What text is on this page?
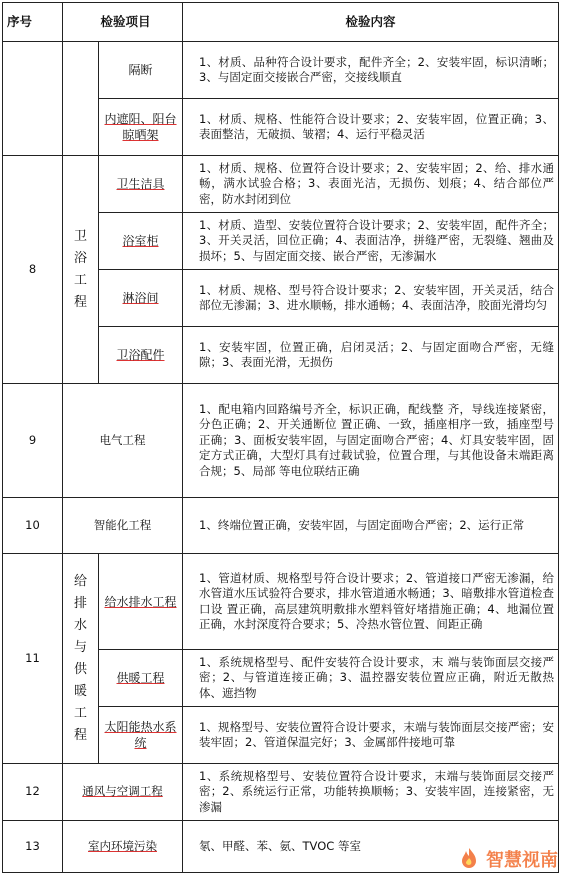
序号	检验项目		检验内容
		隔断	1、材质、品种符合设计要求，配件齐全；2、安装牢固，标识清晰；3、与固定面交接嵌合严密，交接线顺直
		内遮阳、阳台晾晒架	1、材质、规格、性能符合设计要求；2、安装牢固，位置正确；3、表面整洁，无破损、皱褶；4、运行平稳灵活
8	卫浴工程	卫生洁具	1、材质、规格、位置符合设计要求；2、安装牢固；2、给、排水通畅，满水试验合格；3、表面光洁，无损伤、划痕；4、结合部位严密，防水封闭到位
		浴室柜	1、材质、造型、安装位置符合设计要求；2、安装牢固，配件齐全；3、开关灵活，回位正确；4、表面洁净，拼缝严密，无裂缝、翘曲及损坏；5、与固定面交接、嵌合严密，无渗漏水
		淋浴间	1、材质、规格、型号符合设计要求；2、安装牢固，开关灵活，结合部位无渗漏；3、进水顺畅，排水通畅；4、表面洁净，胶面光滑均匀
		卫浴配件	1、安装牢固，位置正确，启闭灵活；2、与固定面吻合严密，无缝隙；3、表面光滑，无损伤
9	电气工程		1、配电箱内回路编号齐全，标识正确，配线整 齐，导线连接紧密，分色正确；2、开关通断位 置正确、一致，插座相序一致，插座型号正确；3、面板安装牢固，与固定面吻合严密；4、灯具安装牢固，固定方式正确，大型灯具有过载试验，位置合理，与其他设备末端距离合规；5、局部 等电位联结正确
10	智能化工程		1、终端位置正确，安装牢固，与固定面吻合严密；2、运行正常
11	给排水与供暖工程	给水排水工程	1、管道材质、规格型号符合设计要求；2、管道接口严密无渗漏，给水管道水压试验符合要求，排水管道通水畅通；3、暗敷排水管道检查口设 置正确，高层建筑明敷排水塑料管好堵措施正确；4、地漏位置正确，水封深度符合要求；5、冷热水管位置、间距正确
		供暖工程	1、系统规格型号、配件安装符合设计要求，末 端与装饰面层交接严密；2、与管道连接正确；3、温控器安装位置应正确，附近无散热体、遮挡物
		太阳能热水系统	1、规格型号、安装位置符合设计要求，末端与装饰面层交接严密；安装牢固；2、管道保温完好；3、金属部件接地可靠
12	通风与空调工程		1、系统规格型号、安装位置符合设计要求，末端与装饰面层交接严密；2、系统运行正常，功能转换顺畅；3、安装牢固，连接紧密，无渗漏
13	室内环境污染		氡、甲醛、苯、氨、TVOC 等室
智慧视南
